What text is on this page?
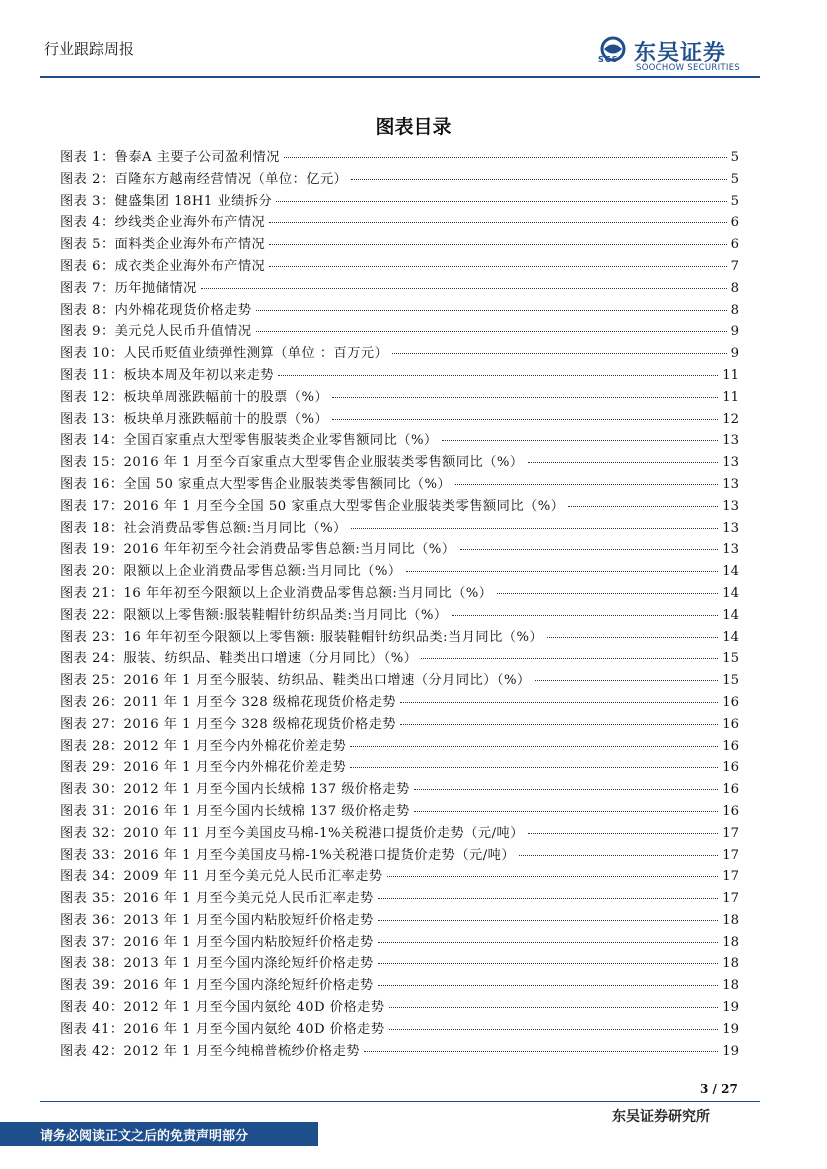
行业跟踪周报
SCS 东吴证券
SOOCHOW SECURITIES
图表目录
图表 1： 鲁泰A 主要子公司盈利情况	5
图表 2： 百隆东方越南经营情况（单位：亿元）	5
图表 3： 健盛集团 18H1 业绩拆分	5
图表 4： 纱线类企业海外布产情况	6
图表 5： 面料类企业海外布产情况	6
图表 6： 成衣类企业海外布产情况	7
图表 7： 历年抛储情况	8
图表 8： 内外棉花现货价格走势	8
图表 9： 美元兑人民币升值情况	9
图表 10： 人民币贬值业绩弹性测算（单位 ：百万元）	9
图表 11： 板块本周及年初以来走势	11
图表 12： 板块单周涨跌幅前十的股票（%）	11
图表 13： 板块单月涨跌幅前十的股票（%）	12
图表 14： 全国百家重点大型零售服装类企业零售额同比（%）	13
图表 15： 2016 年 1 月至今百家重点大型零售企业服装类零售额同比（%）	13
图表 16： 全国 50 家重点大型零售企业服装类零售额同比（%）	13
图表 17： 2016 年 1 月至今全国 50 家重点大型零售企业服装类零售额同比（%）	13
图表 18： 社会消费品零售总额:当月同比（%）	13
图表 19： 2016 年年初至今社会消费品零售总额:当月同比（%）	13
图表 20： 限额以上企业消费品零售总额:当月同比（%）	14
图表 21： 16 年年初至今限额以上企业消费品零售总额:当月同比（%）	14
图表 22： 限额以上零售额:服装鞋帽针纺织品类:当月同比（%）	14
图表 23： 16 年年初至今限额以上零售额: 服装鞋帽针纺织品类:当月同比（%）	14
图表 24： 服装、纺织品、鞋类出口增速（分月同比）（%）	15
图表 25： 2016 年 1 月至今服装、纺织品、鞋类出口增速（分月同比）（%）	15
图表 26： 2011 年 1 月至今 328 级棉花现货价格走势	16
图表 27： 2016 年 1 月至今 328 级棉花现货价格走势	16
图表 28： 2012 年 1 月至今内外棉花价差走势	16
图表 29： 2016 年 1 月至今内外棉花价差走势	16
图表 30： 2012 年 1 月至今国内长绒棉 137 级价格走势	16
图表 31： 2016 年 1 月至今国内长绒棉 137 级价格走势	16
图表 32： 2010 年 11 月至今美国皮马棉-1%关税港口提货价走势（元/吨）	17
图表 33： 2016 年 1 月至今美国皮马棉-1%关税港口提货价走势（元/吨）	17
图表 34： 2009 年 11 月至今美元兑人民币汇率走势	17
图表 35： 2016 年 1 月至今美元兑人民币汇率走势	17
图表 36： 2013 年 1 月至今国内粘胶短纤价格走势	18
图表 37： 2016 年 1 月至今国内粘胶短纤价格走势	18
图表 38： 2013 年 1 月至今国内涤纶短纤价格走势	18
图表 39： 2016 年 1 月至今国内涤纶短纤价格走势	18
图表 40： 2012 年 1 月至今国内氨纶 40D 价格走势	19
图表 41： 2016 年 1 月至今国内氨纶 40D 价格走势	19
图表 42： 2012 年 1 月至今纯棉普梳纱价格走势	19
3 / 27
东吴证券研究所
请务必阅读正文之后的免责声明部分
